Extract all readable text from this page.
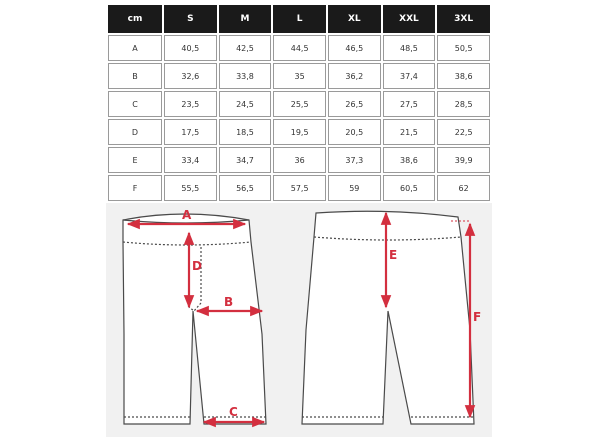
cm	S	M	L	XL	XXL	3XL
A	40,5	42,5	44,5	46,5	48,5	50,5
B	32,6	33,8	35	36,2	37,4	38,6
C	23,5	24,5	25,5	26,5	27,5	28,5
D	17,5	18,5	19,5	20,5	21,5	22,5
E	33,4	34,7	36	37,3	38,6	39,9
F	55,5	56,5	57,5	59	60,5	62
A
B
C
D
E
F
